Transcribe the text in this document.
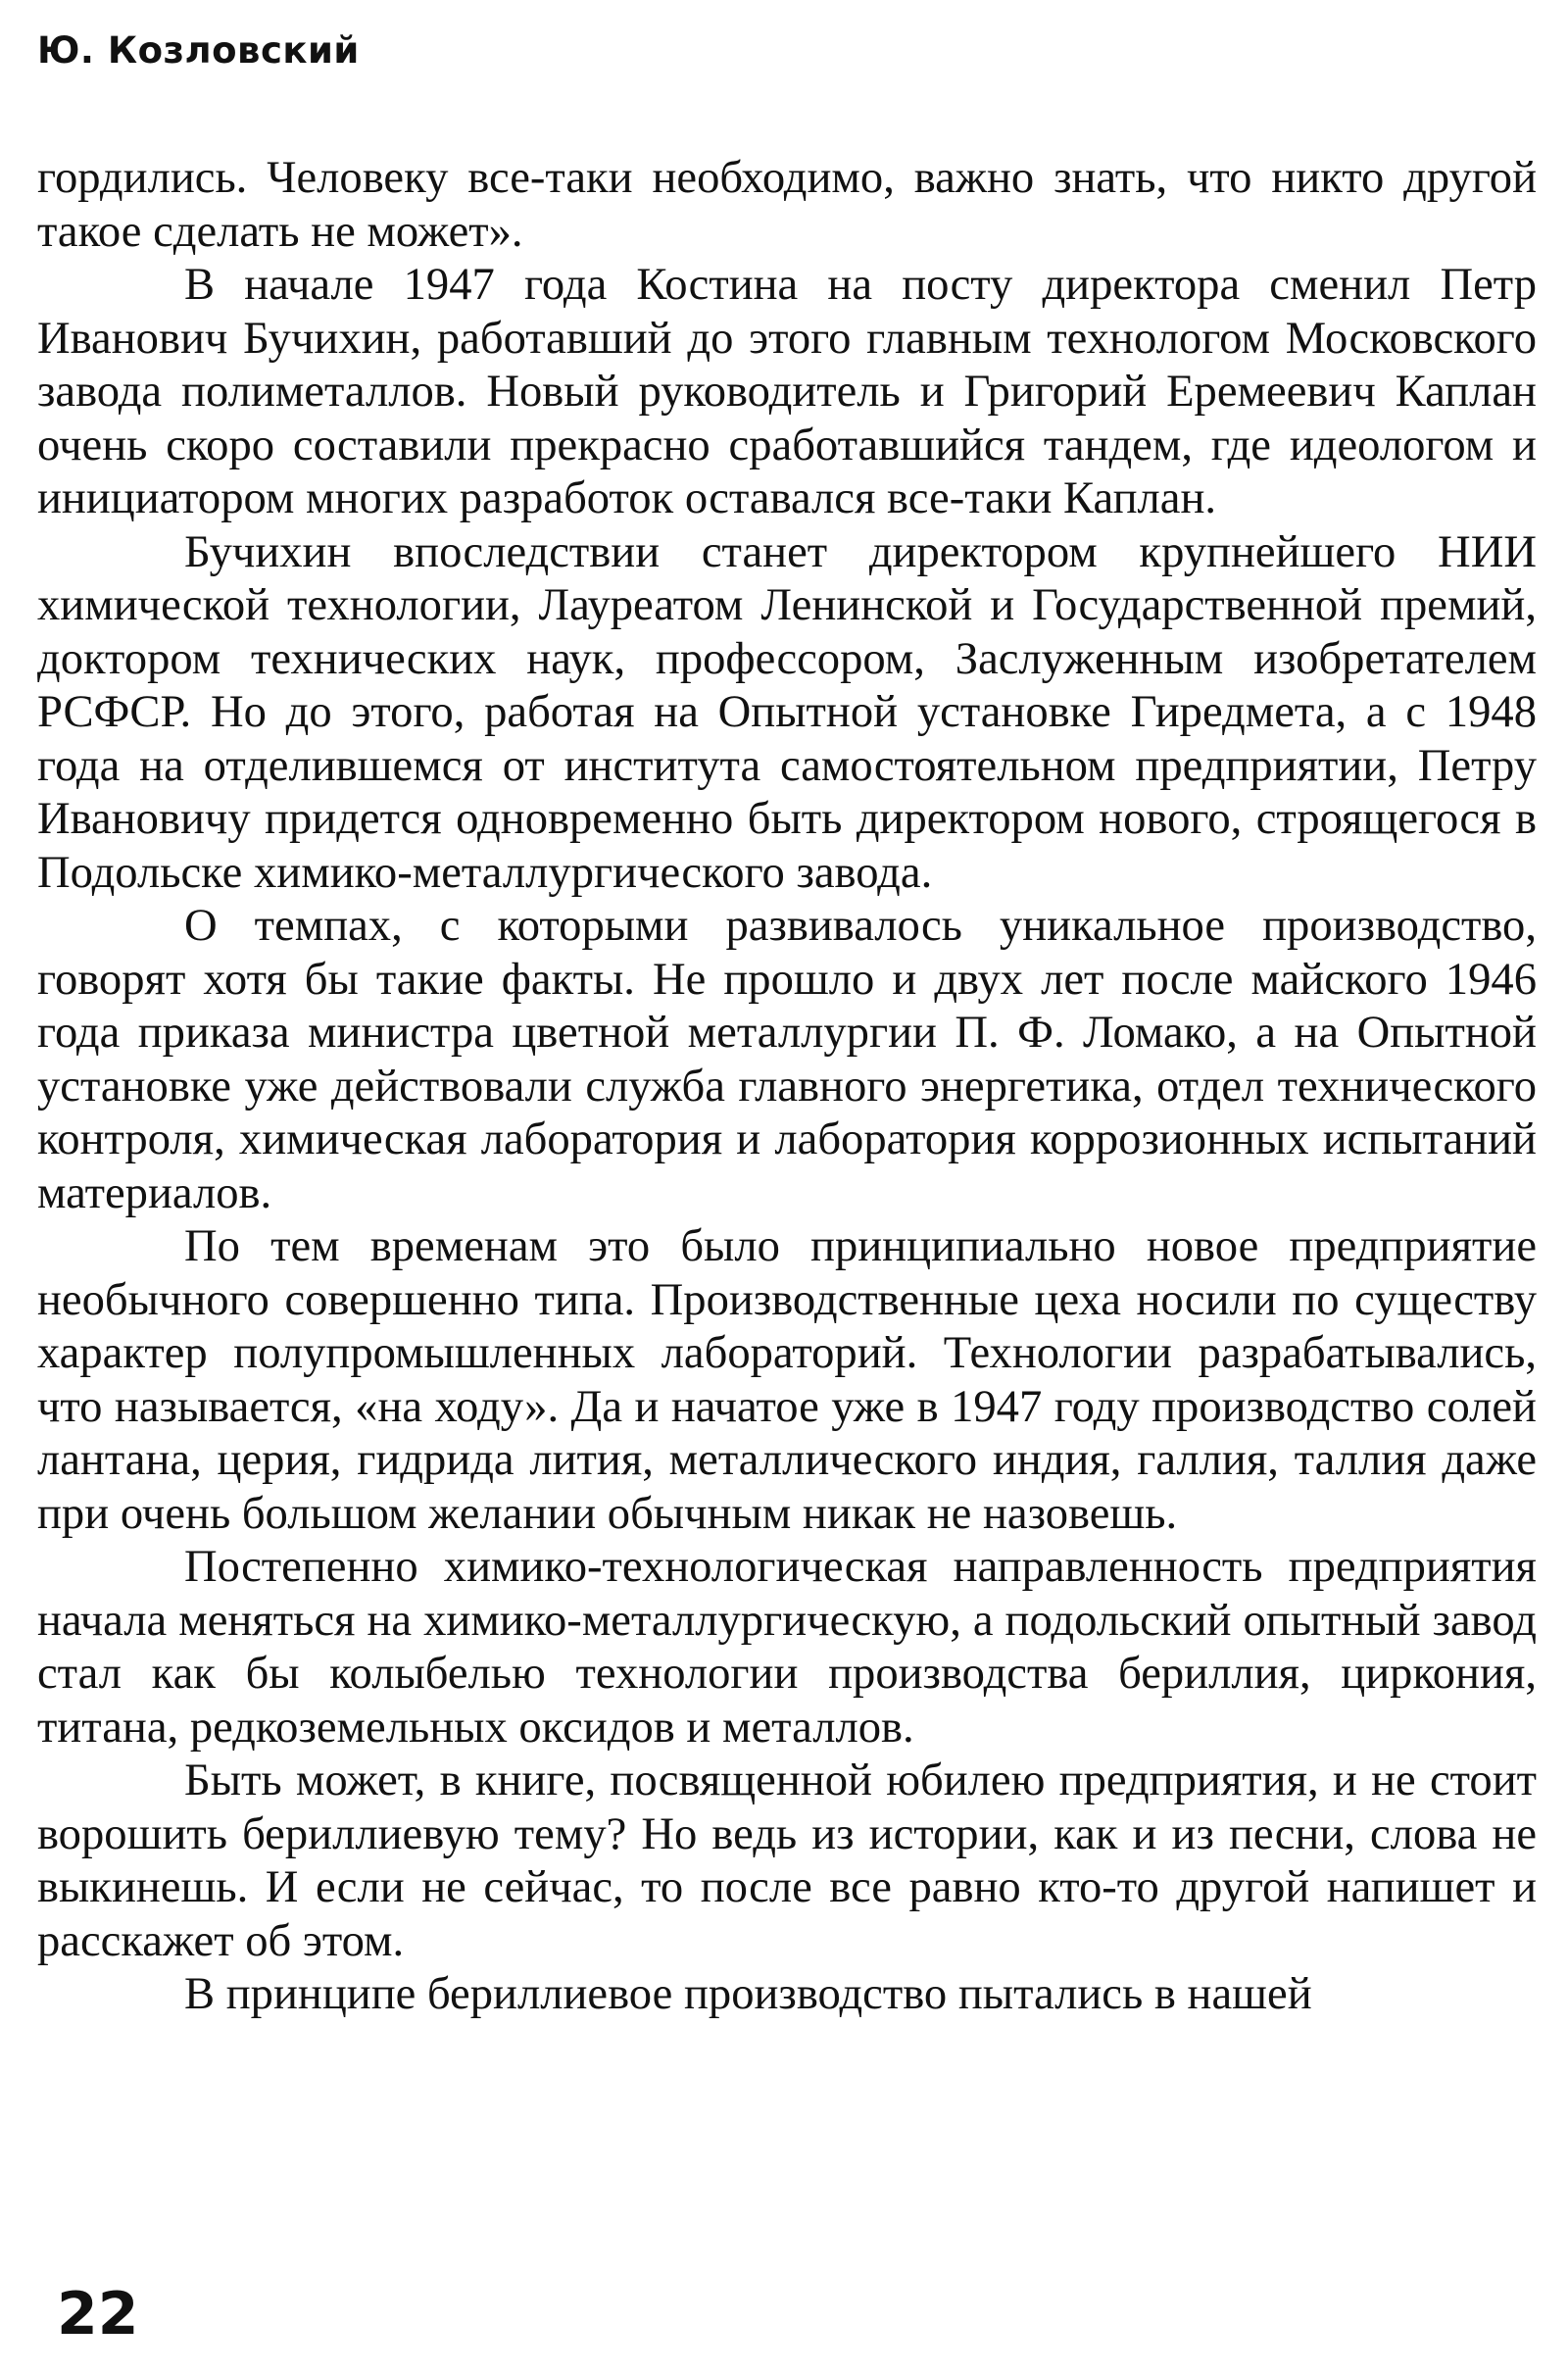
Ю. Козловский

гордились. Человеку все-таки необходимо, важно знать, что никто другой такое сделать не может».

В начале 1947 года Костина на посту директора сменил Петр Иванович Бучихин, работавший до этого главным технологом Московского завода полиметаллов. Новый руководитель и Григорий Еремеевич Каплан очень скоро составили прекрасно сработавшийся тандем, где идеологом и инициатором многих разработок оставался все-таки Каплан.

Бучихин впоследствии станет директором крупнейшего НИИ химической технологии, Лауреатом Ленинской и Государственной премий, доктором технических наук, профессором, Заслуженным изобретателем РСФСР. Но до этого, работая на Опытной установке Гиредмета, а с 1948 года на отделившемся от института самостоятельном предприятии, Петру Ивановичу придется одновременно быть директором нового, строящегося в Подольске химико-металлургического завода.

О темпах, с которыми развивалось уникальное производство, говорят хотя бы такие факты. Не прошло и двух лет после майского 1946 года приказа министра цветной металлургии П. Ф. Ломако, а на Опытной установке уже действовали служба главного энергетика, отдел технического контроля, химическая лаборатория и лаборатория коррозионных испытаний материалов.

По тем временам это было принципиально новое предприятие необычного совершенно типа. Производственные цеха носили по существу характер полупромышленных лабораторий. Технологии разрабатывались, что называется, «на ходу». Да и начатое уже в 1947 году производство солей лантана, церия, гидрида лития, металлического индия, галлия, таллия даже при очень большом желании обычным никак не назовешь.

Постепенно химико-технологическая направленность предприятия начала меняться на химико-металлургическую, а подольский опытный завод стал как бы колыбелью технологии производства бериллия, циркония, титана, редкоземельных оксидов и металлов.

Быть может, в книге, посвященной юбилею предприятия, и не стоит ворошить бериллиевую тему? Но ведь из истории, как и из песни, слова не выкинешь. И если не сейчас, то после все равно кто-то другой напишет и расскажет об этом.

В принципе бериллиевое производство пытались в нашей

22
